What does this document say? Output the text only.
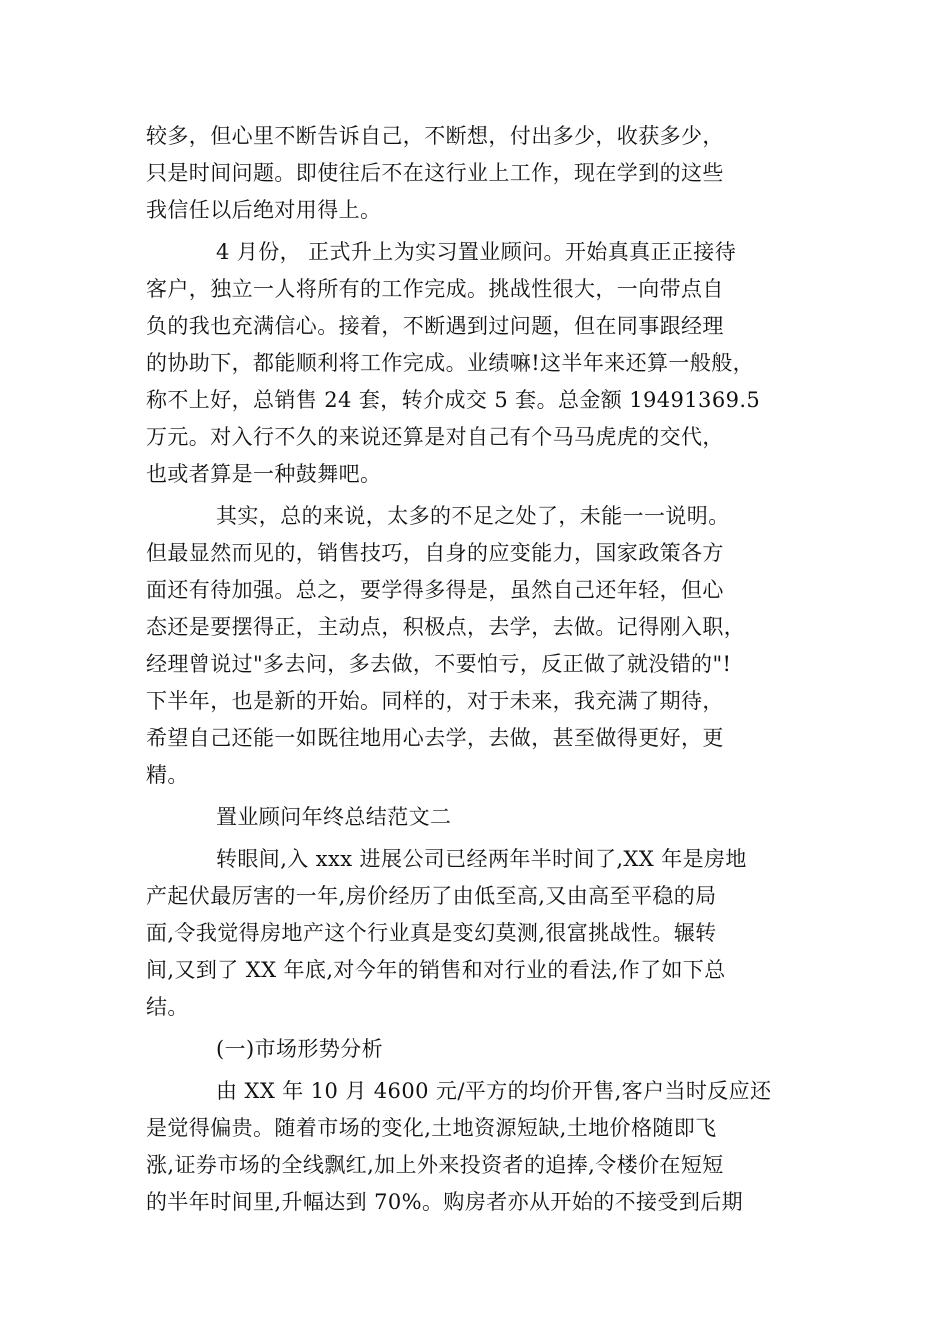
较多，但心里不断告诉自己，不断想，付出多少，收获多少，
只是时间问题。即使往后不在这行业上工作，现在学到的这些
我信任以后绝对用得上。
4 月份， 正式升上为实习置业顾问。开始真真正正接待
客户，独立一人将所有的工作完成。挑战性很大，一向带点自
负的我也充满信心。接着，不断遇到过问题，但在同事跟经理
的协助下，都能顺利将工作完成。业绩嘛!这半年来还算一般般，
称不上好，总销售 24 套，转介成交 5 套。总金额 19491369.5
万元。对入行不久的来说还算是对自己有个马马虎虎的交代，
也或者算是一种鼓舞吧。
其实，总的来说，太多的不足之处了，未能一一说明。
但最显然而见的，销售技巧，自身的应变能力，国家政策各方
面还有待加强。总之，要学得多得是，虽然自己还年轻，但心
态还是要摆得正，主动点，积极点，去学，去做。记得刚入职，
经理曾说过"多去问，多去做，不要怕亏，反正做了就没错的"!
下半年，也是新的开始。同样的，对于未来，我充满了期待，
希望自己还能一如既往地用心去学，去做，甚至做得更好，更
精。
置业顾问年终总结范文二
转眼间,入 xxx 进展公司已经两年半时间了,XX 年是房地
产起伏最厉害的一年,房价经历了由低至高,又由高至平稳的局
面,令我觉得房地产这个行业真是变幻莫测,很富挑战性。辗转
间,又到了 XX 年底,对今年的销售和对行业的看法,作了如下总
结。
(一)市场形势分析
由 XX 年 10 月 4600 元/平方的均价开售,客户当时反应还
是觉得偏贵。随着市场的变化,土地资源短缺,土地价格随即飞
涨,证券市场的全线飘红,加上外来投资者的追捧,令楼价在短短
的半年时间里,升幅达到 70%。购房者亦从开始的不接受到后期
